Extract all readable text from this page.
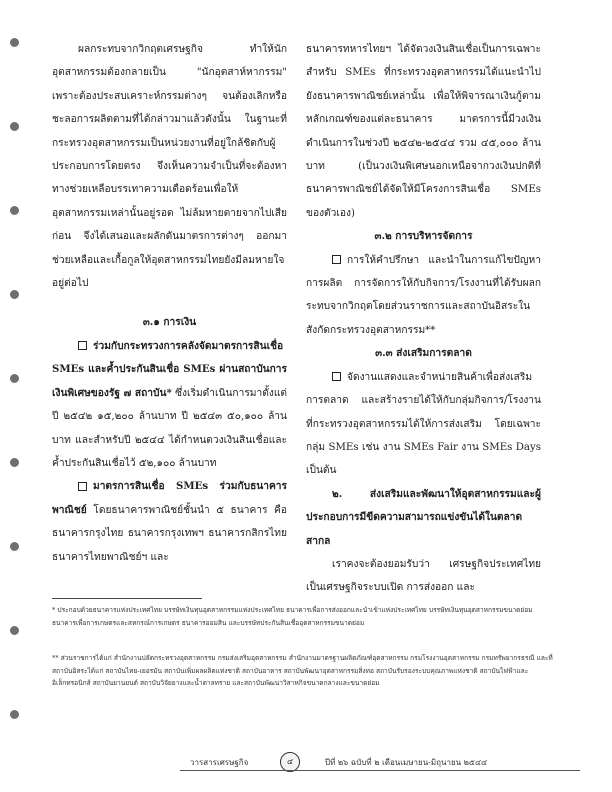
ผลกระทบจากวิกฤตเศรษฐกิจ ทำให้นักอุตสาหกรรมต้องกลายเป็น "นักอุตสาห์หากรรม" เพราะต้องประสบเคราะห์กรรมต่างๆ จนต้องเลิกหรือชะลอการผลิตตามที่ได้กล่าวมาแล้วดังนั้น ในฐานะที่กระทรวงอุตสาหกรรมเป็นหน่วยงานที่อยู่ใกล้ชิดกับผู้ประกอบการโดยตรง จึงเห็นความจำเป็นที่จะต้องหาทางช่วยเหลือบรรเทาความเดือดร้อนเพื่อให้อุตสาหกรรมเหล่านั้นอยู่รอด ไม่ล้มหายตายจากไปเสียก่อน จึงได้เสนอและผลักดันมาตรการต่างๆ ออกมาช่วยเหลือและเกื้อกูลให้อุตสาหกรรมไทยยังมีลมหายใจอยู่ต่อไป

๓.๑ การเงิน

ร่วมกับกระทรวงการคลังจัดมาตรการสินเชื่อ SMEs และค้ำประกันสินเชื่อ SMEs ผ่านสถาบันการเงินพิเศษของรัฐ ๗ สถาบัน* ซึ่งเริ่มดำเนินการมาตั้งแต่ปี ๒๕๔๒ ๑๕,๒๐๐ ล้านบาท ปี ๒๕๔๓ ๕๐,๑๐๐ ล้านบาท และสำหรับปี ๒๕๔๔ ได้กำหนดวงเงินสินเชื่อและค้ำประกันสินเชื่อไว้ ๕๒,๑๐๐ ล้านบาท

มาตรการสินเชื่อ SMEs ร่วมกับธนาคารพาณิชย์ โดยธนาคารพาณิชย์ชั้นนำ ๕ ธนาคาร คือ ธนาคารกรุงไทย ธนาคารกรุงเทพฯ ธนาคารกสิกรไทย ธนาคารไทยพาณิชย์ฯ และ

ธนาคารทหารไทยฯ ได้จัดวงเงินสินเชื่อเป็นการเฉพาะสำหรับ SMEs ที่กระทรวงอุตสาหกรรมได้แนะนำไปยังธนาคารพาณิชย์เหล่านั้น เพื่อให้พิจารณาเงินกู้ตามหลักเกณฑ์ของแต่ละธนาคาร มาตรการนี้มีวงเงินดำเนินการในช่วงปี ๒๕๔๒-๒๕๔๔ รวม ๔๕,๐๐๐ ล้านบาท (เป็นวงเงินพิเศษนอกเหนือจากวงเงินปกติที่ธนาคารพาณิชย์ได้จัดให้มีโครงการสินเชื่อ SMEs ของตัวเอง)

๓.๒ การบริหารจัดการ

การให้คำปรึกษา และนำในการแก้ไขปัญหาการผลิต การจัดการให้กับกิจการ/โรงงานที่ได้รับผลกระทบจากวิกฤตโดยส่วนราชการและสถาบันอิสระในสังกัดกระทรวงอุตสาหกรรม**

๓.๓ ส่งเสริมการตลาด

จัดงานแสดงและจำหน่ายสินค้าเพื่อส่งเสริมการตลาด และสร้างรายได้ให้กับกลุ่มกิจการ/โรงงาน ที่กระทรวงอุตสาหกรรมได้ให้การส่งเสริม โดยเฉพาะกลุ่ม SMEs เช่น งาน SMEs Fair งาน SMEs Days เป็นต้น

๒. ส่งเสริมและพัฒนาให้อุตสาหกรรมและผู้ประกอบการมีขีดความสามารถแข่งขันได้ในตลาดสากล

เราคงจะต้องยอมรับว่า เศรษฐกิจประเทศไทยเป็นเศรษฐกิจระบบเปิด การส่งออก และ

* ประกอบด้วยธนาคารแห่งประเทศไทย บรรษัทเงินทุนอุตสาหกรรมแห่งประเทศไทย ธนาคารเพื่อการส่งออกและนำเข้าแห่งประเทศไทย บรรษัทเงินทุนอุตสาหกรรมขนาดย่อม ธนาคารเพื่อการเกษตรและสหกรณ์การเกษตร ธนาคารออมสิน และบรรษัทประกันสินเชื่ออุตสาหกรรมขนาดย่อม

** ส่วนราชการได้แก่ สำนักงานปลัดกระทรวงอุตสาหกรรม กรมส่งเสริมอุตสาหกรรม สำนักงานมาตรฐานผลิตภัณฑ์อุตสาหกรรม กรมโรงงานอุตสาหกรรม กรมทรัพยากรธรณี และที่สถาบันอิสระได้แก่ สถาบันไทย-เยอรมัน สถาบันเพิ่มผลผลิตแห่งชาติ สถาบันอาหาร สถาบันพัฒนาอุตสาหกรรมสิ่งทอ สถาบันรับรองระบบคุณภาพแห่งชาติ สถาบันไฟฟ้าและอิเล็กทรอนิกส์ สถาบันยานยนต์ สถาบันวิจัยยางและน้ำตาลทราย และสถาบันพัฒนาวิสาหกิจขนาดกลางและขนาดย่อม

วารสารเศรษฐกิจ	๔	ปีที่ ๒๖ ฉบับที่ ๒ เดือนเมษายน-มิถุนายน ๒๕๔๔
